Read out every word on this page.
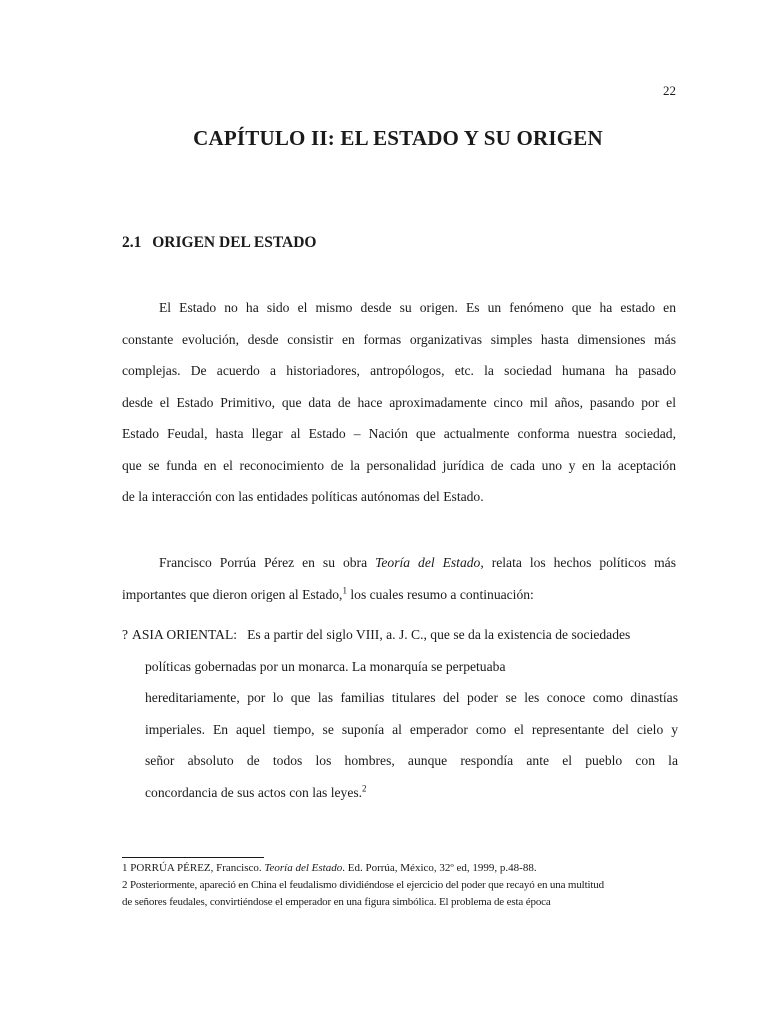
22
CAPÍTULO II: EL ESTADO Y SU ORIGEN
2.1 ORIGEN DEL ESTADO

El Estado no ha sido el mismo desde su origen. Es un fenómeno que ha estado en
constante evolución, desde consistir en formas organizativas simples hasta dimensiones más
complejas. De acuerdo a historiadores, antropólogos, etc. la sociedad humana ha pasado
desde el Estado Primitivo, que data de hace aproximadamente cinco mil años, pasando por el
Estado Feudal, hasta llegar al Estado – Nación que actualmente conforma nuestra sociedad,
que se funda en el reconocimiento de la personalidad jurídica de cada uno y en la aceptación
de la interacción con las entidades políticas autónomas del Estado.

Francisco Porrúa Pérez en su obra Teoría del Estado, relata los hechos políticos más
importantes que dieron origen al Estado,$^1$ los cuales resumo a continuación:

? ASIA ORIENTAL: Es a partir del siglo VIII, a. J. C., que se da la existencia de sociedades
políticas gobernadas por un monarca. La monarquía se perpetuaba
hereditariamente, por lo que las familias titulares del poder se les conoce como dinastías
imperiales. En aquel tiempo, se suponía al emperador como el representante del cielo y
señor absoluto de todos los hombres, aunque respondía ante el pueblo con la
concordancia de sus actos con las leyes.$^2$
1 PORRÚA PÉREZ, Francisco. Teoría del Estado. Ed. Porrúa, México, 32º ed, 1999, p.48-88.
2 Posteriormente, apareció en China el feudalismo dividiéndose el ejercicio del poder que recayó en una multitud
de señores feudales, convirtiéndose el emperador en una figura simbólica. El problema de esta época
